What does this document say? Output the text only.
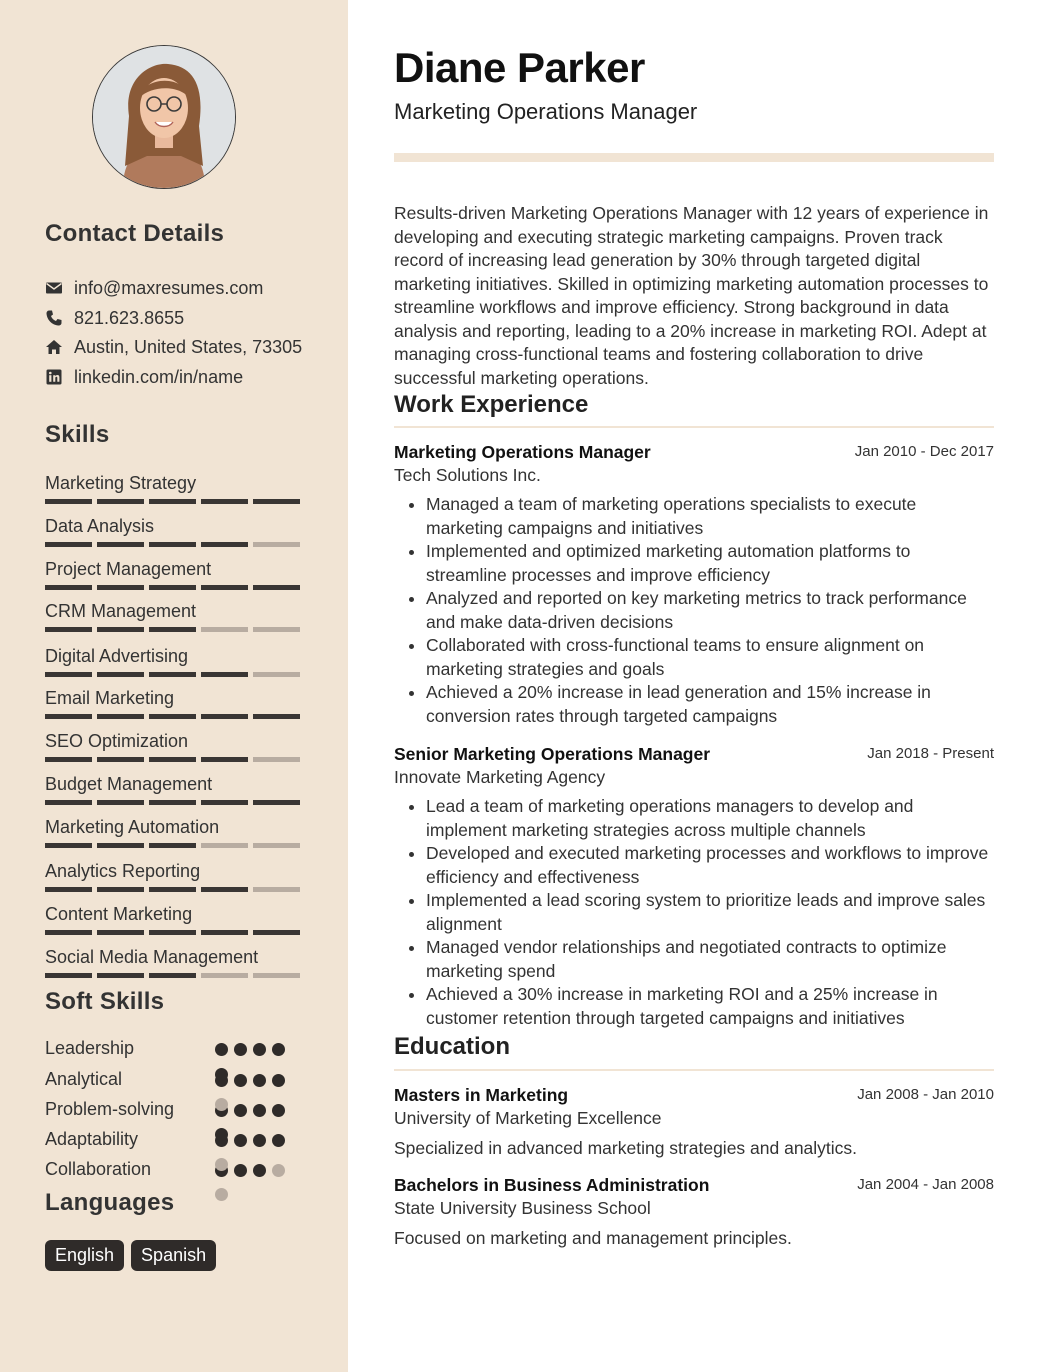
Contact Details
info@maxresumes.com
821.623.8655
Austin, United States, 73305
linkedin.com/in/name
Skills
Marketing Strategy
Data Analysis
Project Management
CRM Management
Digital Advertising
Email Marketing
SEO Optimization
Budget Management
Marketing Automation
Analytics Reporting
Content Marketing
Social Media Management
Soft Skills
Leadership
Analytical
Problem-solving
Adaptability
Collaboration
Languages
English	Spanish
Diane Parker
Marketing Operations Manager
Results-driven Marketing Operations Manager with 12 years of experience in developing and executing strategic marketing campaigns. Proven track record of increasing lead generation by 30% through targeted digital marketing initiatives. Skilled in optimizing marketing automation processes to streamline workflows and improve efficiency. Strong background in data analysis and reporting, leading to a 20% increase in marketing ROI. Adept at managing cross-functional teams and fostering collaboration to drive successful marketing operations.
Work Experience
Marketing Operations Manager	Jan 2010 - Dec 2017
Tech Solutions Inc.
• Managed a team of marketing operations specialists to execute marketing campaigns and initiatives
• Implemented and optimized marketing automation platforms to streamline processes and improve efficiency
• Analyzed and reported on key marketing metrics to track performance and make data-driven decisions
• Collaborated with cross-functional teams to ensure alignment on marketing strategies and goals
• Achieved a 20% increase in lead generation and 15% increase in conversion rates through targeted campaigns
Senior Marketing Operations Manager	Jan 2018 - Present
Innovate Marketing Agency
• Lead a team of marketing operations managers to develop and implement marketing strategies across multiple channels
• Developed and executed marketing processes and workflows to improve efficiency and effectiveness
• Implemented a lead scoring system to prioritize leads and improve sales alignment
• Managed vendor relationships and negotiated contracts to optimize marketing spend
• Achieved a 30% increase in marketing ROI and a 25% increase in customer retention through targeted campaigns and initiatives
Education
Masters in Marketing	Jan 2008 - Jan 2010
University of Marketing Excellence
Specialized in advanced marketing strategies and analytics.
Bachelors in Business Administration	Jan 2004 - Jan 2008
State University Business School
Focused on marketing and management principles.
